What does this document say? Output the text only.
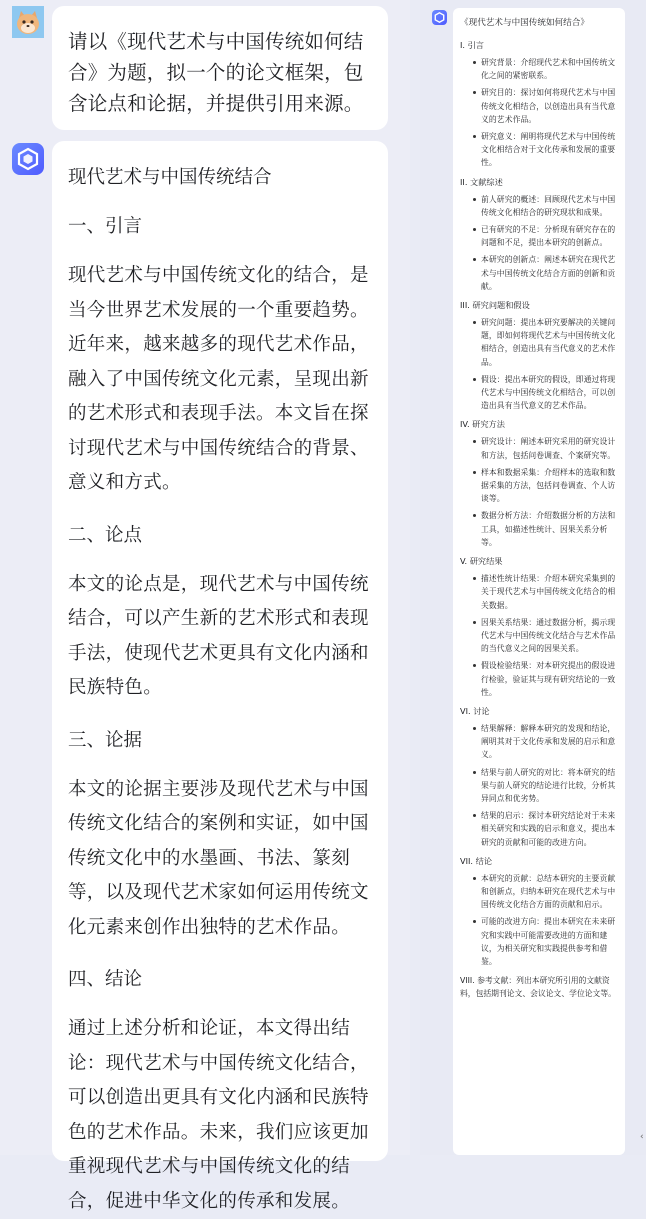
请以《现代艺术与中国传统如何结合》为题，拟一个的论文框架，包含论点和论据，并提供引用来源。
现代艺术与中国传统结合
一、引言
现代艺术与中国传统文化的结合，是当今世界艺术发展的一个重要趋势。近年来，越来越多的现代艺术作品，融入了中国传统文化元素，呈现出新的艺术形式和表现手法。本文旨在探讨现代艺术与中国传统结合的背景、意义和方式。
二、论点
本文的论点是，现代艺术与中国传统结合，可以产生新的艺术形式和表现手法，使现代艺术更具有文化内涵和民族特色。
三、论据
本文的论据主要涉及现代艺术与中国传统文化结合的案例和实证，如中国传统文化中的水墨画、书法、篆刻等，以及现代艺术家如何运用传统文化元素来创作出独特的艺术作品。
四、结论
通过上述分析和论证，本文得出结论：现代艺术与中国传统文化结合，可以创造出更具有文化内涵和民族特色的艺术作品。未来，我们应该更加重视现代艺术与中国传统文化的结合，促进中华文化的传承和发展。
《现代艺术与中国传统如何结合》
I. 引言
研究背景：介绍现代艺术和中国传统文化之间的紧密联系。
研究目的：探讨如何将现代艺术与中国传统文化相结合，以创造出具有当代意义的艺术作品。
研究意义：阐明将现代艺术与中国传统文化相结合对于文化传承和发展的重要性。
II. 文献综述
前人研究的概述：回顾现代艺术与中国传统文化相结合的研究现状和成果。
已有研究的不足：分析现有研究存在的问题和不足，提出本研究的创新点。
本研究的创新点：阐述本研究在现代艺术与中国传统文化结合方面的创新和贡献。
III. 研究问题和假设
研究问题：提出本研究要解决的关键问题，即如何将现代艺术与中国传统文化相结合，创造出具有当代意义的艺术作品。
假设：提出本研究的假设，即通过将现代艺术与中国传统文化相结合，可以创造出具有当代意义的艺术作品。
IV. 研究方法
研究设计：阐述本研究采用的研究设计和方法，包括问卷调查、个案研究等。
样本和数据采集：介绍样本的选取和数据采集的方法，包括问卷调查、个人访谈等。
数据分析方法：介绍数据分析的方法和工具，如描述性统计、因果关系分析等。
V. 研究结果
描述性统计结果：介绍本研究采集到的关于现代艺术与中国传统文化结合的相关数据。
因果关系结果：通过数据分析，揭示现代艺术与中国传统文化结合与艺术作品的当代意义之间的因果关系。
假设检验结果：对本研究提出的假设进行检验，验证其与现有研究结论的一致性。
VI. 讨论
结果解释：解释本研究的发现和结论，阐明其对于文化传承和发展的启示和意义。
结果与前人研究的对比：将本研究的结果与前人研究的结论进行比较，分析其异同点和优劣势。
结果的启示：探讨本研究结论对于未来相关研究和实践的启示和意义，提出本研究的贡献和可能的改进方向。
VII. 结论
本研究的贡献：总结本研究的主要贡献和创新点，归纳本研究在现代艺术与中国传统文化结合方面的贡献和启示。
可能的改进方向：提出本研究在未来研究和实践中可能需要改进的方面和建议，为相关研究和实践提供参考和借鉴。
VIII. 参考文献：列出本研究所引用的文献资料，包括期刊论文、会议论文、学位论文等。
‹
